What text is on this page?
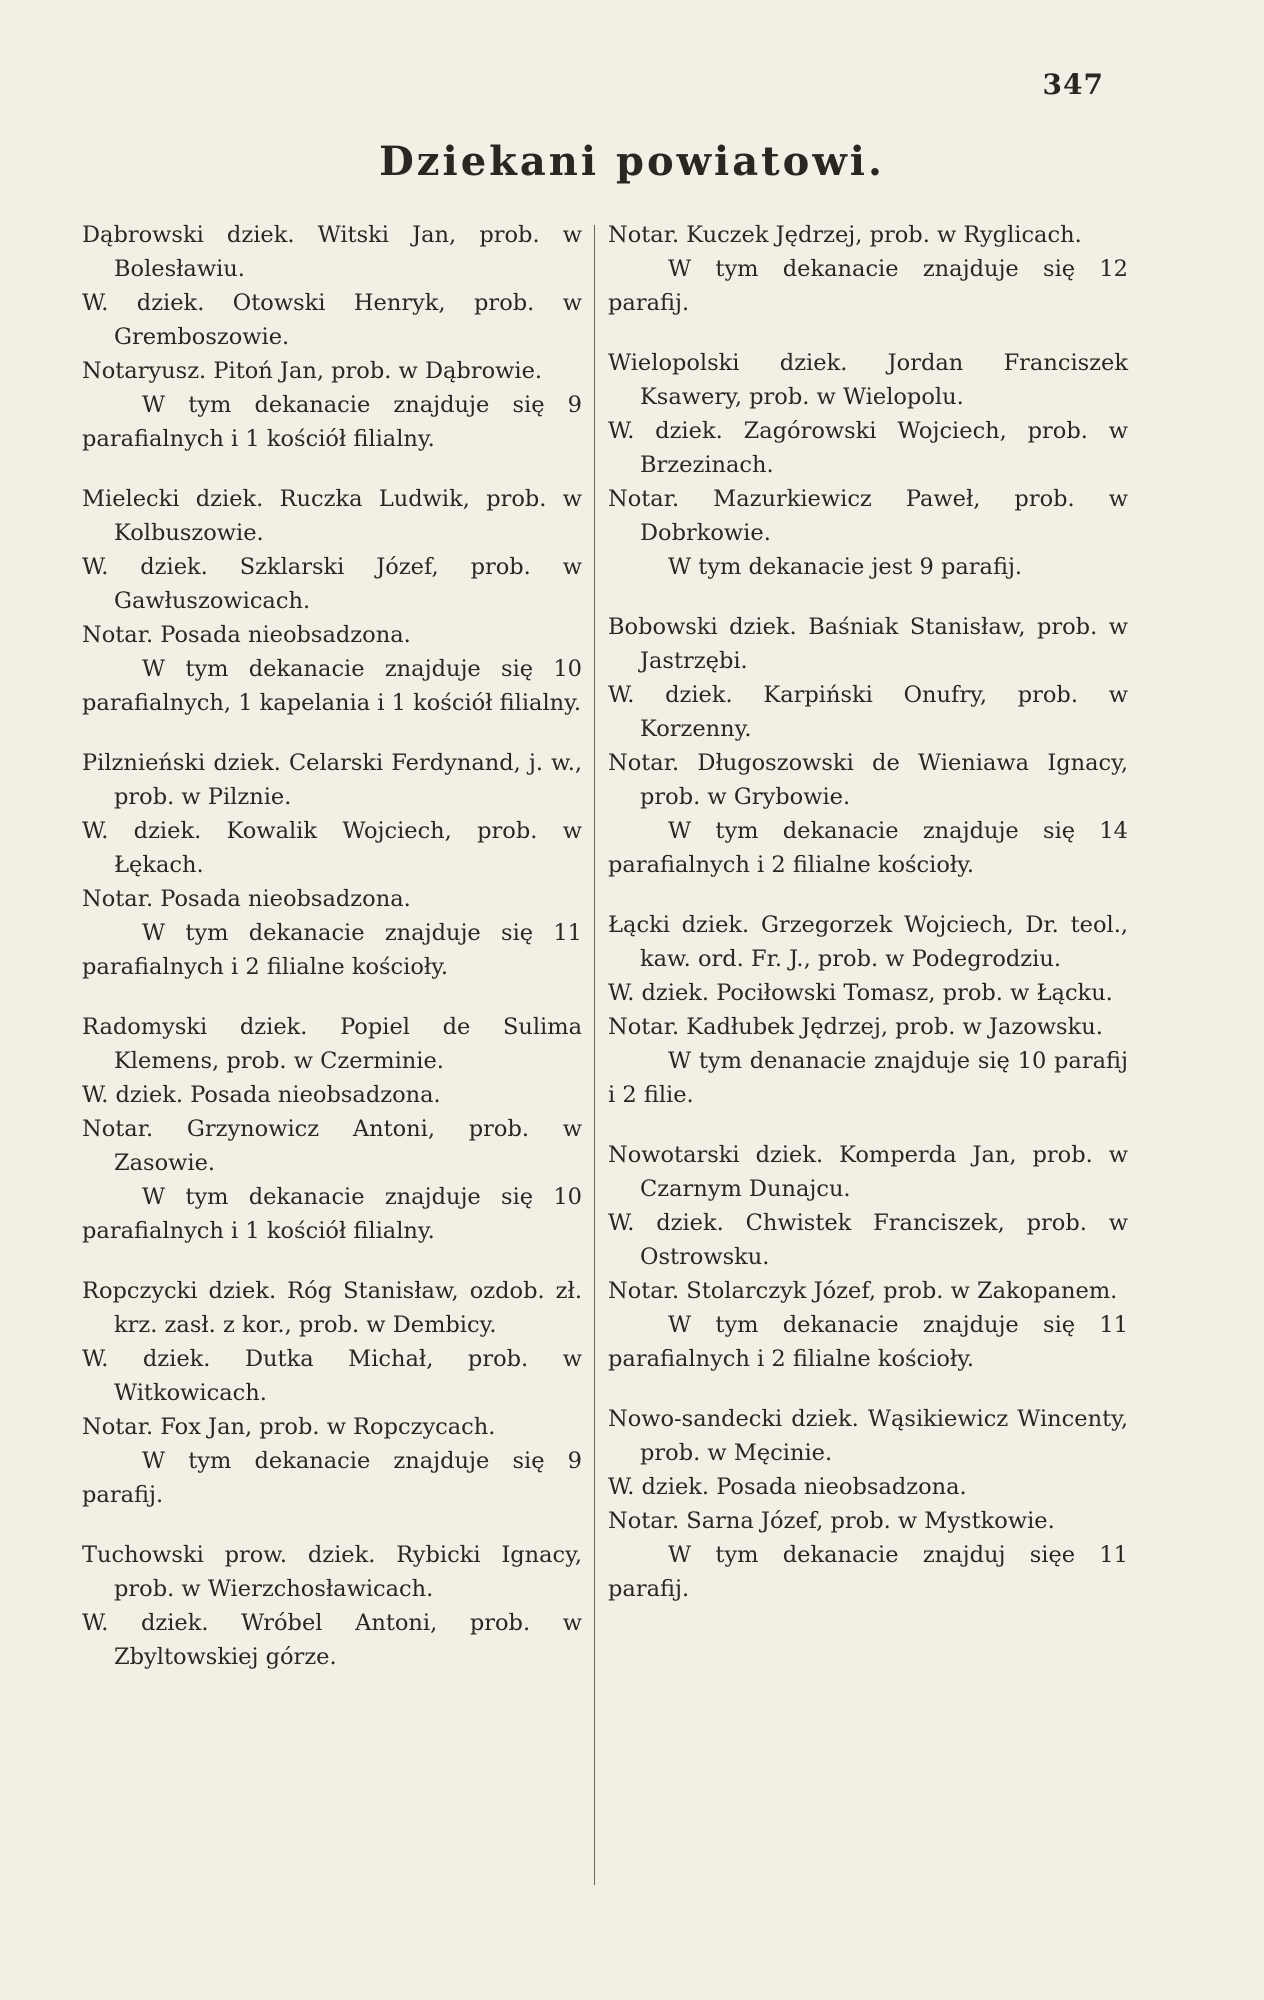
347
Dziekani powiatowi.
Dąbrowski dziek. Witski Jan, prob. w Bolesławiu.
W. dziek. Otowski Henryk, prob. w Gremboszowie.
Notaryusz. Pitoń Jan, prob. w Dąbrowie.
W tym dekanacie znajduje się 9 parafialnych i 1 kościół filialny.
Mielecki dziek. Ruczka Ludwik, prob. w Kolbuszowie.
W. dziek. Szklarski Józef, prob. w Gawłuszowicach.
Notar. Posada nieobsadzona.
W tym dekanacie znajduje się 10 parafialnych, 1 kapelania i 1 kościół filialny.
Pilznieński dziek. Celarski Ferdynand, j. w., prob. w Pilznie.
W. dziek. Kowalik Wojciech, prob. w Łękach.
Notar. Posada nieobsadzona.
W tym dekanacie znajduje się 11 parafialnych i 2 filialne kościoły.
Radomyski dziek. Popiel de Sulima Klemens, prob. w Czerminie.
W. dziek. Posada nieobsadzona.
Notar. Grzynowicz Antoni, prob. w Zasowie.
W tym dekanacie znajduje się 10 parafialnych i 1 kościół filialny.
Ropczycki dziek. Róg Stanisław, ozdob. zł. krz. zasł. z kor., prob. w Dembicy.
W. dziek. Dutka Michał, prob. w Witkowicach.
Notar. Fox Jan, prob. w Ropczycach.
W tym dekanacie znajduje się 9 parafij.
Tuchowski prow. dziek. Rybicki Ignacy, prob. w Wierzchosławicach.
W. dziek. Wróbel Antoni, prob. w Zbyltowskiej górze.
Notar. Kuczek Jędrzej, prob. w Ryglicach.
W tym dekanacie znajduje się 12 parafij.
Wielopolski dziek. Jordan Franciszek Ksawery, prob. w Wielopolu.
W. dziek. Zagórowski Wojciech, prob. w Brzezinach.
Notar. Mazurkiewicz Paweł, prob. w Dobrkowie.
W tym dekanacie jest 9 parafij.
Bobowski dziek. Baśniak Stanisław, prob. w Jastrzębi.
W. dziek. Karpiński Onufry, prob. w Korzenny.
Notar. Długoszowski de Wieniawa Ignacy, prob. w Grybowie.
W tym dekanacie znajduje się 14 parafialnych i 2 filialne kościoły.
Łącki dziek. Grzegorzek Wojciech, Dr. teol., kaw. ord. Fr. J., prob. w Podegrodziu.
W. dziek. Pociłowski Tomasz, prob. w Łącku.
Notar. Kadłubek Jędrzej, prob. w Jazowsku.
W tym denanacie znajduje się 10 parafij i 2 filie.
Nowotarski dziek. Komperda Jan, prob. w Czarnym Dunajcu.
W. dziek. Chwistek Franciszek, prob. w Ostrowsku.
Notar. Stolarczyk Józef, prob. w Zakopanem.
W tym dekanacie znajduje się 11 parafialnych i 2 filialne kościoły.
Nowo-sandecki dziek. Wąsikiewicz Wincenty, prob. w Męcinie.
W. dziek. Posada nieobsadzona.
Notar. Sarna Józef, prob. w Mystkowie.
W tym dekanacie znajduj sięe 11 parafij.
